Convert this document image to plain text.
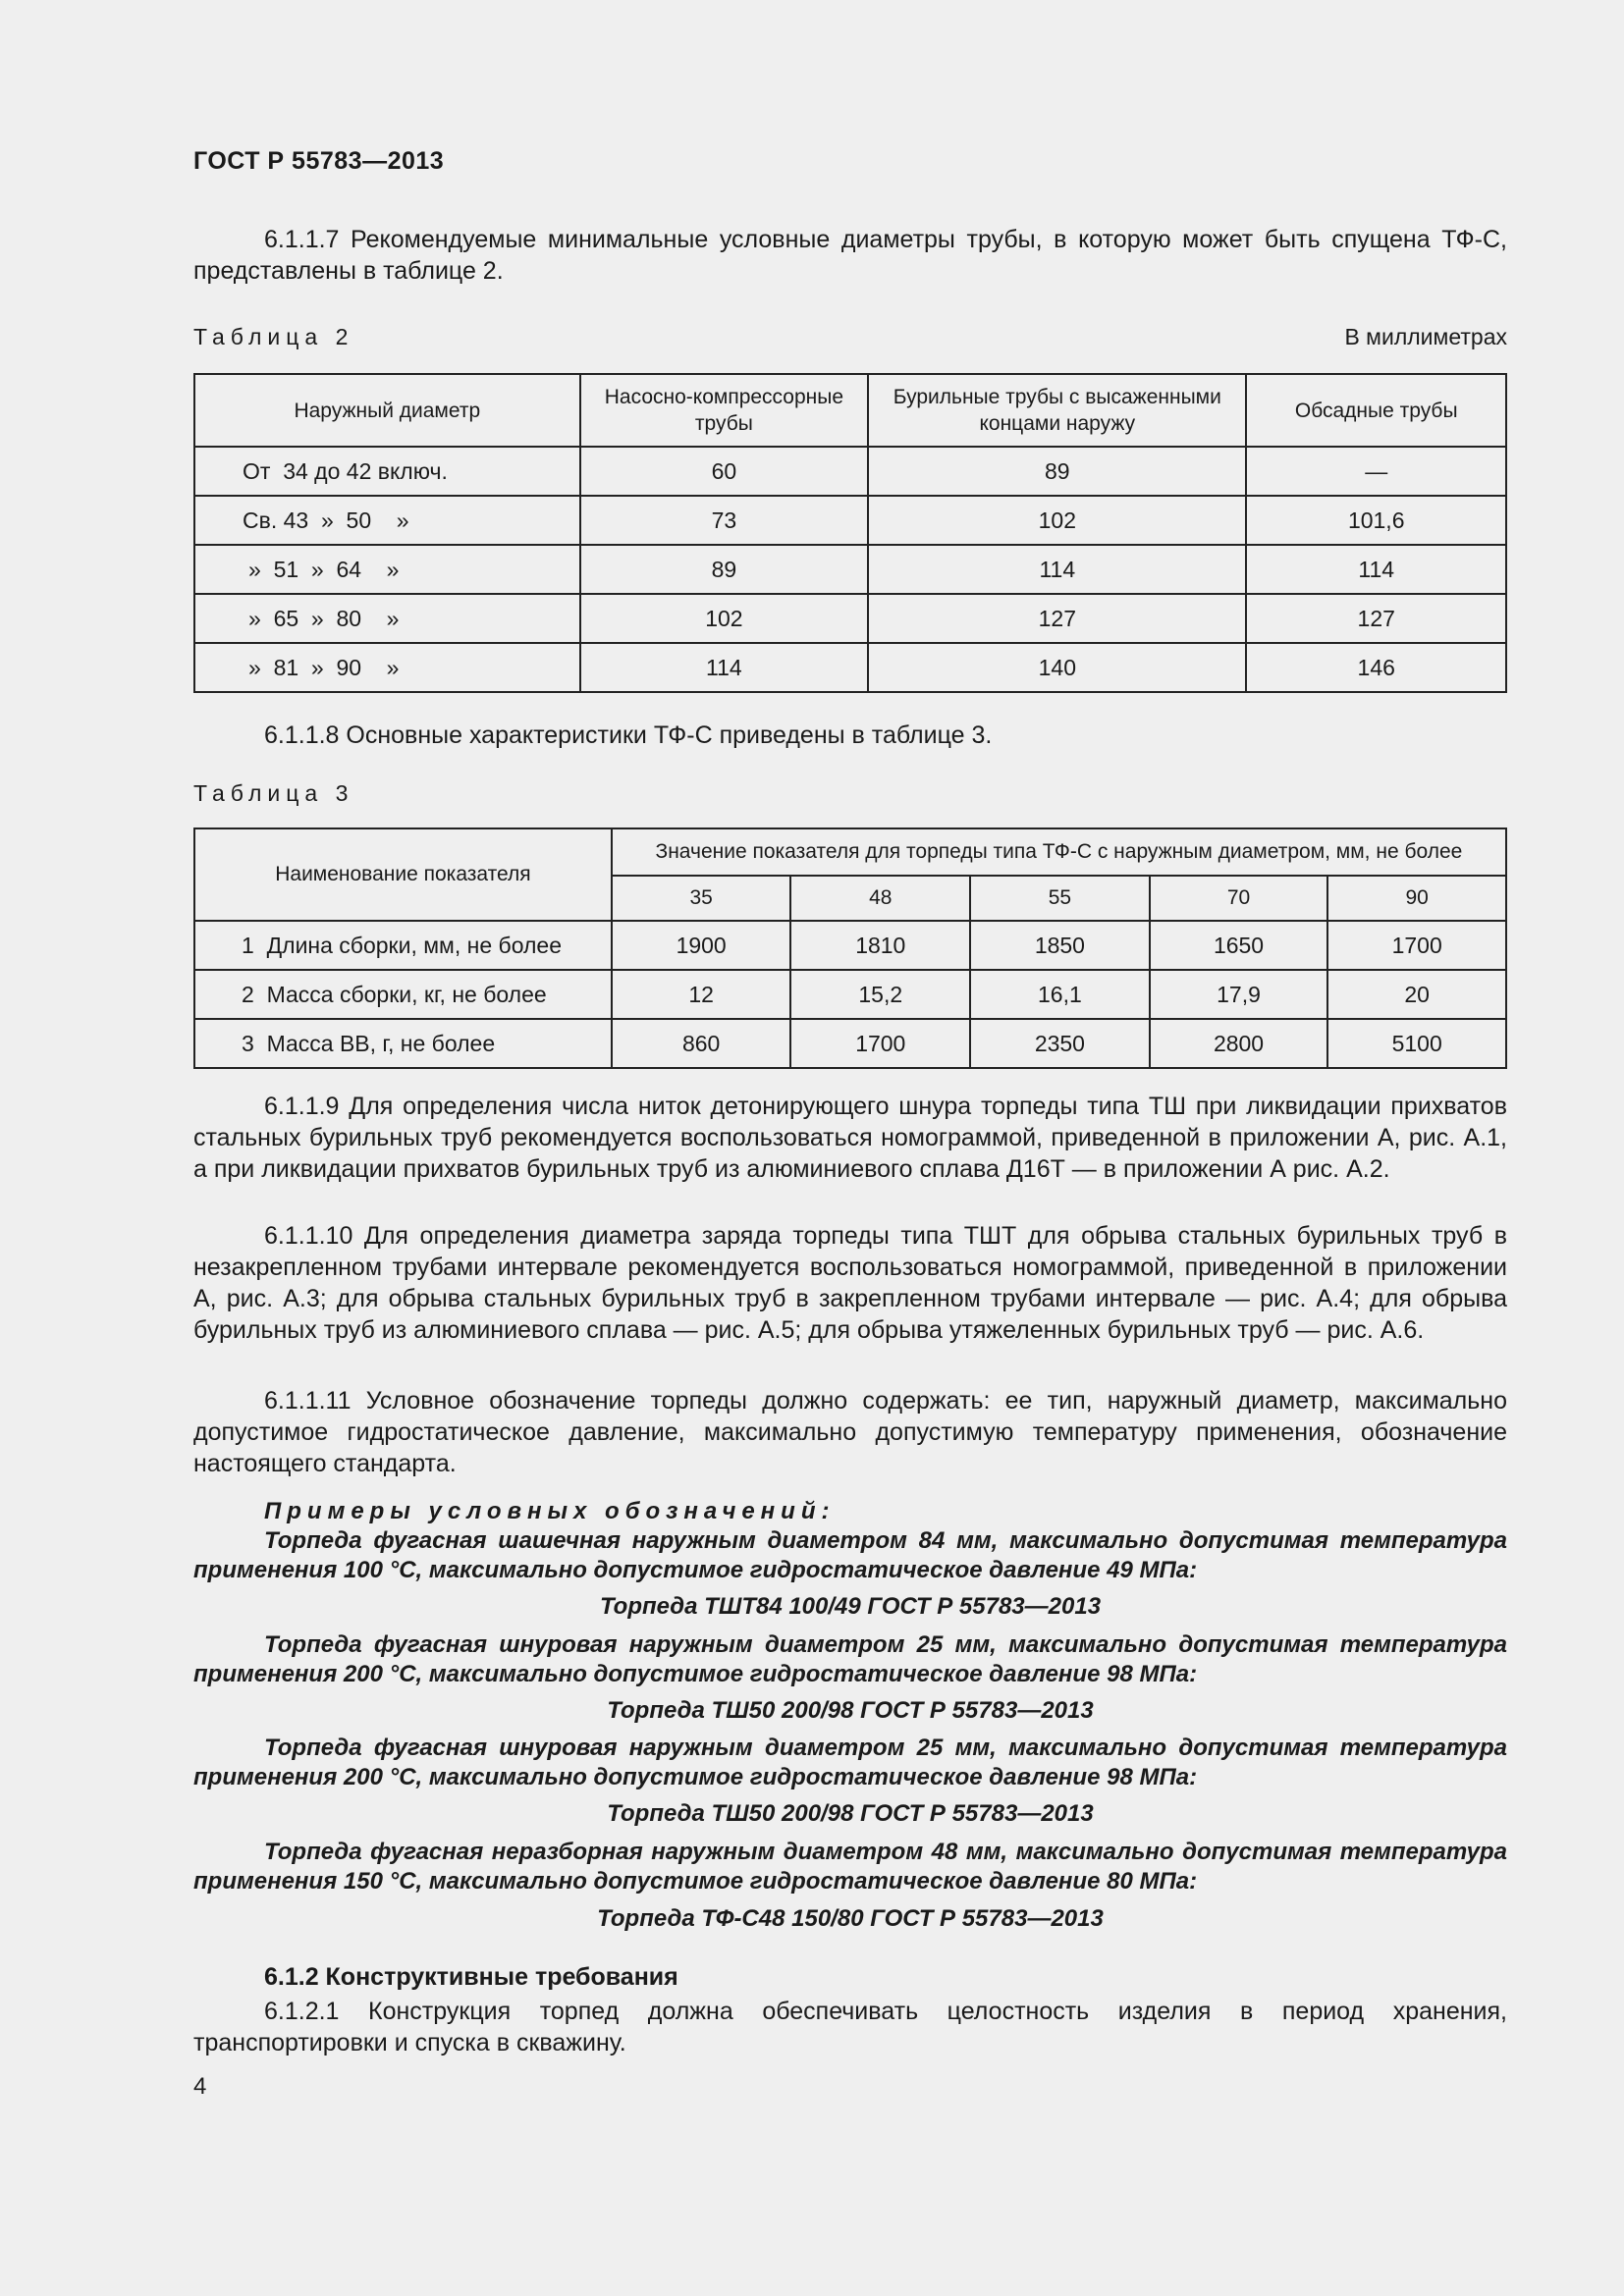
ГОСТ Р 55783—2013
6.1.1.7 Рекомендуемые минимальные условные диаметры трубы, в которую может быть спущена ТФ-С, представлены в таблице 2.
Таблица 2	В миллиметрах
Наружный диаметр	Насосно-компрессорные трубы	Бурильные трубы с высаженными концами наружу	Обсадные трубы
От  34 до 42 включ.	60	89	—
Св. 43  »  50    »	73	102	101,6
»  51  »  64    »	89	114	114
»  65  »  80    »	102	127	127
»  81  »  90    »	114	140	146
6.1.1.8 Основные характеристики ТФ-С приведены в таблице 3.
Таблица 3
Наименование показателя	Значение показателя для торпеды типа ТФ-С с наружным диаметром, мм, не более				
	35	48	55	70	90
1  Длина сборки, мм, не более	1900	1810	1850	1650	1700
2  Масса сборки, кг, не более	12	15,2	16,1	17,9	20
3  Масса ВВ, г, не более	860	1700	2350	2800	5100
6.1.1.9 Для определения числа ниток детонирующего шнура торпеды типа ТШ при ликвидации прихватов стальных бурильных труб рекомендуется воспользоваться номограммой, приведенной в приложении А, рис. А.1, а при ликвидации прихватов бурильных труб из алюминиевого сплава Д16Т — в приложении А рис. А.2.
6.1.1.10 Для определения диаметра заряда торпеды типа ТШТ для обрыва стальных бурильных труб в незакрепленном трубами интервале рекомендуется воспользоваться номограммой, приведенной в приложении А, рис. А.3; для обрыва стальных бурильных труб в закрепленном трубами интервале — рис. А.4; для обрыва бурильных труб из алюминиевого сплава — рис. А.5; для обрыва утяжеленных бурильных труб — рис. А.6.
6.1.1.11 Условное обозначение торпеды должно содержать: ее тип, наружный диаметр, максимально допустимое гидростатическое давление, максимально допустимую температуру применения, обозначение настоящего стандарта.
Примеры условных обозначений:
Торпеда фугасная шашечная наружным диаметром 84 мм, максимально допустимая температура применения 100 °С, максимально допустимое гидростатическое давление 49 МПа:
Торпеда ТШТ84 100/49 ГОСТ Р 55783—2013
Торпеда фугасная шнуровая наружным диаметром 25 мм, максимально допустимая температура применения 200 °С, максимально допустимое гидростатическое давление 98 МПа:
Торпеда ТШ50 200/98 ГОСТ Р 55783—2013
Торпеда фугасная шнуровая наружным диаметром 25 мм, максимально допустимая температура применения 200 °С, максимально допустимое гидростатическое давление 98 МПа:
Торпеда ТШ50 200/98 ГОСТ Р 55783—2013
Торпеда фугасная неразборная наружным диаметром 48 мм, максимально допустимая температура применения 150 °С, максимально допустимое гидростатическое давление 80 МПа:
Торпеда ТФ-С48 150/80 ГОСТ Р 55783—2013
6.1.2 Конструктивные требования
6.1.2.1 Конструкция торпед должна обеспечивать целостность изделия в период хранения, транспортировки и спуска в скважину.
4
